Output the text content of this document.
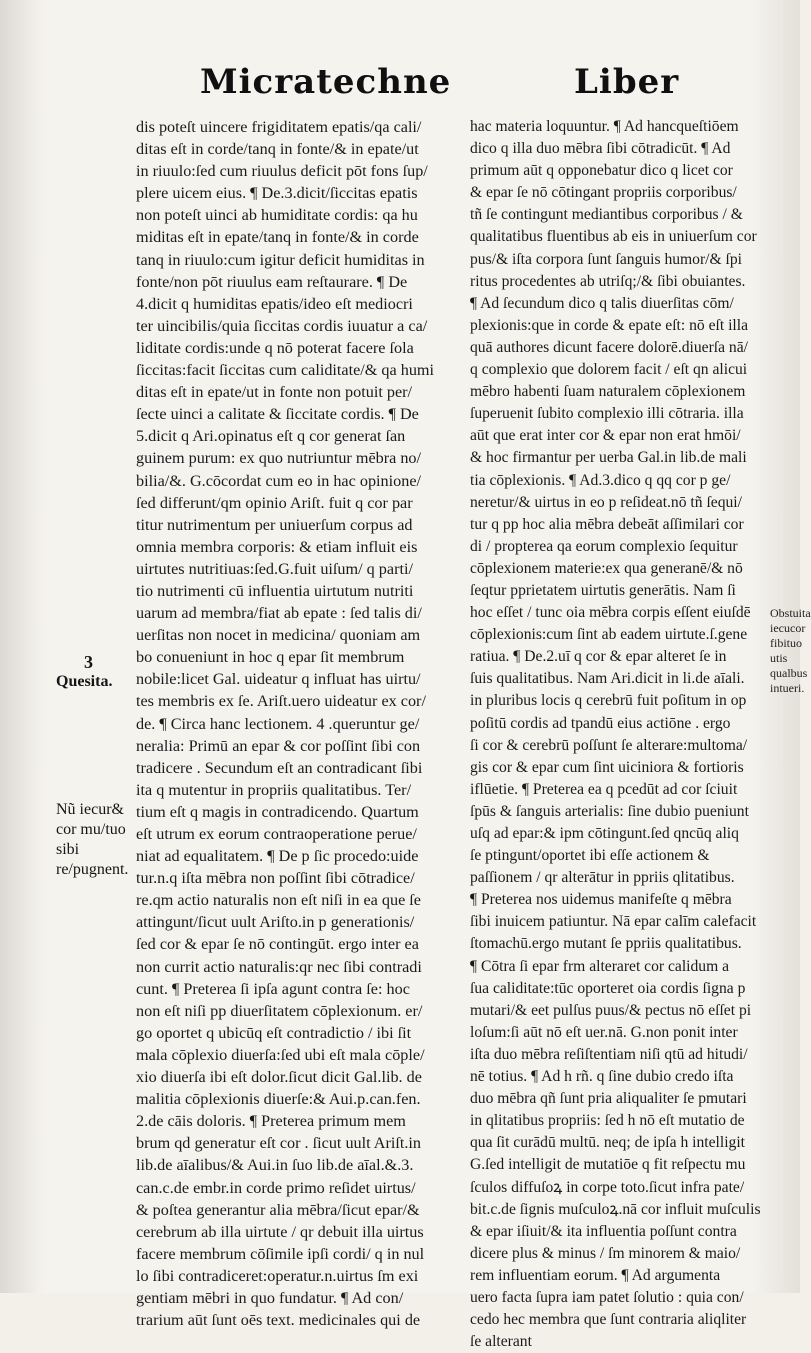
Micratechne	Liber
3
Quesita.
Nũ iecur& cor mu/tuo sibi re/pugnent.
Obstuita iecucor fibituo utis qualbus intueri.
dis poteſt uincere frigiditatem epatis/qa cali/
ditas eſt in corde/tanq in fonte/& in epate/ut
in riuulo:ſed cum riuulus deficit pōt fons ſup/
plere uicem eius. ¶ De.3.dicit/ſiccitas epatis
non poteſt uinci ab humiditate cordis: qa hu
miditas eſt in epate/tanq in fonte/& in corde
tanq in riuulo:cum igitur deficit humiditas in
fonte/non pōt riuulus eam reſtaurare. ¶ De
4.dicit q humiditas epatis/ideo eſt mediocri
ter uincibilis/quia ſiccitas cordis iuuatur a ca/
liditate cordis:unde q nō poterat facere ſola
ſiccitas:facit ſiccitas cum caliditate/& qa humi
ditas eſt in epate/ut in fonte non potuit per/
ſecte uinci a calitate & ſiccitate cordis. ¶ De
5.dicit q Ari.opinatus eſt q cor generat ſan
guinem purum: ex quo nutriuntur mēbra no/
bilia/&. G.cōcordat cum eo in hac opinione/
ſed differunt/qm opinio Ariſt. fuit q cor par
titur nutrimentum per uniuerſum corpus ad
omnia membra corporis: & etiam influit eis
uirtutes nutritiuas:ſed.G.fuit uiſum/ q parti/
tio nutrimenti cū influentia uirtutum nutriti
uarum ad membra/fiat ab epate : ſed talis di/
uerſitas non nocet in medicina/ quoniam am
bo conueniunt in hoc q epar ſit membrum
nobile:licet Gal. uideatur q influat has uirtu/
tes membris ex ſe. Ariſt.uero uideatur ex cor/
de. ¶ Circa hanc lectionem. 4 .queruntur ge/
neralia: Primū an epar & cor poſſint ſibi con
tradicere . Secundum eſt an contradicant ſibi
ita q mutentur in propriis qualitatibus. Ter/
tium eſt q magis in contradicendo. Quartum
eſt utrum ex eorum contraoperatione perue/
niat ad equalitatem. ¶ De p ſic procedo:uide
tur.n.q iſta mēbra non poſſint ſibi cōtradice/
re.qm actio naturalis non eſt niſi in ea que ſe
attingunt/ſicut uult Ariſto.in p generationis/
ſed cor & epar ſe nō contingūt. ergo inter ea
non currit actio naturalis:qr nec ſibi contradi
cunt. ¶ Preterea ſi ipſa agunt contra ſe: hoc
non eſt niſi pp diuerſitatem cōplexionum. er/
go oportet q ubicūq eſt contradictio / ibi ſit
mala cōplexio diuerſa:ſed ubi eſt mala cōple/
xio diuerſa ibi eſt dolor.ſicut dicit Gal.lib. de
malitia cōplexionis diuerſe:& Aui.p.can.fen.
2.de cāis doloris. ¶ Preterea primum mem
brum qd generatur eſt cor . ſicut uult Ariſt.in
lib.de aīalibus/& Aui.in ſuo lib.de aīal.&.3.
can.c.de embr.in corde primo reſidet uirtus/
& poſtea generantur alia mēbra/ſicut epar/&
cerebrum ab illa uirtute / qr debuit illa uirtus
facere membrum cōſimile ipſi cordi/ q in nul
lo ſibi contradiceret:operatur.n.uirtus ſm exi
gentiam mēbri in quo fundatur. ¶ Ad con/
trarium aūt ſunt oēs text. medicinales qui de
hac materia loquuntur. ¶ Ad hancqueſtiōem
dico q illa duo mēbra ſibi cōtradicūt. ¶ Ad
primum aūt q opponebatur dico q licet cor
& epar ſe nō cōtingant propriis corporibus/
tñ ſe contingunt mediantibus corporibus / &
qualitatibus fluentibus ab eis in uniuerſum cor
pus/& iſta corpora ſunt ſanguis humor/& ſpi
ritus procedentes ab utriſq;/& ſibi obuiantes.
¶ Ad ſecundum dico q talis diuerſitas cōm/
plexionis:que in corde & epate eſt: nō eſt illa
quā authores dicunt facere dolorē.diuerſa nā/
q complexio que dolorem facit / eſt qn alicui
mēbro habenti ſuam naturalem cōplexionem
ſuperuenit ſubito complexio illi cōtraria. illa
aūt que erat inter cor & epar non erat hmōi/
& hoc firmantur per uerba Gal.in lib.de mali
tia cōplexionis. ¶ Ad.3.dico q qq cor p ge/
neretur/& uirtus in eo p reſideat.nō tñ ſequi/
tur q pp hoc alia mēbra debeāt aſſimilari cor
di / propterea qa eorum complexio ſequitur
cōplexionem materie:ex qua generanē/& nō
ſeqtur pprietatem uirtutis generātis. Nam ſi
hoc eſſet / tunc oia mēbra corpis eſſent eiuſdē
cōplexionis:cum ſint ab eadem uirtute.ſ.gene
ratiua. ¶ De.2.uī q cor & epar alteret ſe in
ſuis qualitatibus. Nam Ari.dicit in li.de aīali.
in pluribus locis q cerebrū fuit poſitum in op
poſitū cordis ad tpandū eius actiōne . ergo
ſi cor & cerebrū poſſunt ſe alterare:multoma/
gis cor & epar cum ſint uiciniora & fortioris
iflūetie. ¶ Preterea ea q pcedūt ad cor ſciuit
ſpūs & ſanguis arterialis: ſine dubio pueniunt
uſq ad epar:& ipm cōtingunt.ſed qncūq aliq
ſe ptingunt/oportet ibi eſſe actionem &
paſſionem / qr alterātur in ppriis qlitatibus.
¶ Preterea nos uidemus manifeſte q mēbra
ſibi inuicem patiuntur. Nā epar calīm calefacit
ſtomachū.ergo mutant ſe ppriis qualitatibus.
¶ Cōtra ſi epar frm alteraret cor calidum a
ſua caliditate:tūc oporteret oia cordis ſigna p
mutari/& eet pulſus puus/& pectus nō eſſet pi
loſum:ſi aūt nō eſt uer.nā. G.non ponit inter
iſta duo mēbra reſiſtentiam niſi qtū ad hitudi/
nē totius. ¶ Ad h rñ. q ſine dubio credo iſta
duo mēbra qñ ſunt pria aliqualiter ſe pmutari
in qlitatibus propriis: ſed h nō eſt mutatio de
qua ſit curādū multū. neq; de ipſa h intelligit
G.ſed intelligit de mutatiōe q fit reſpectu mu
ſculos diffuſoꝝ in corpe toto.ſicut infra pate/
bit.c.de ſignis muſculoꝝ.nā cor influit muſculis
& epar iſiuit/& ita influentia poſſunt contra
dicere plus & minus / ſm minorem & maio/
rem influentiam eorum. ¶ Ad argumenta
uero facta ſupra iam patet ſolutio : quia con/
cedo hec membra que ſunt contraria aliqliter
ſe alterant
